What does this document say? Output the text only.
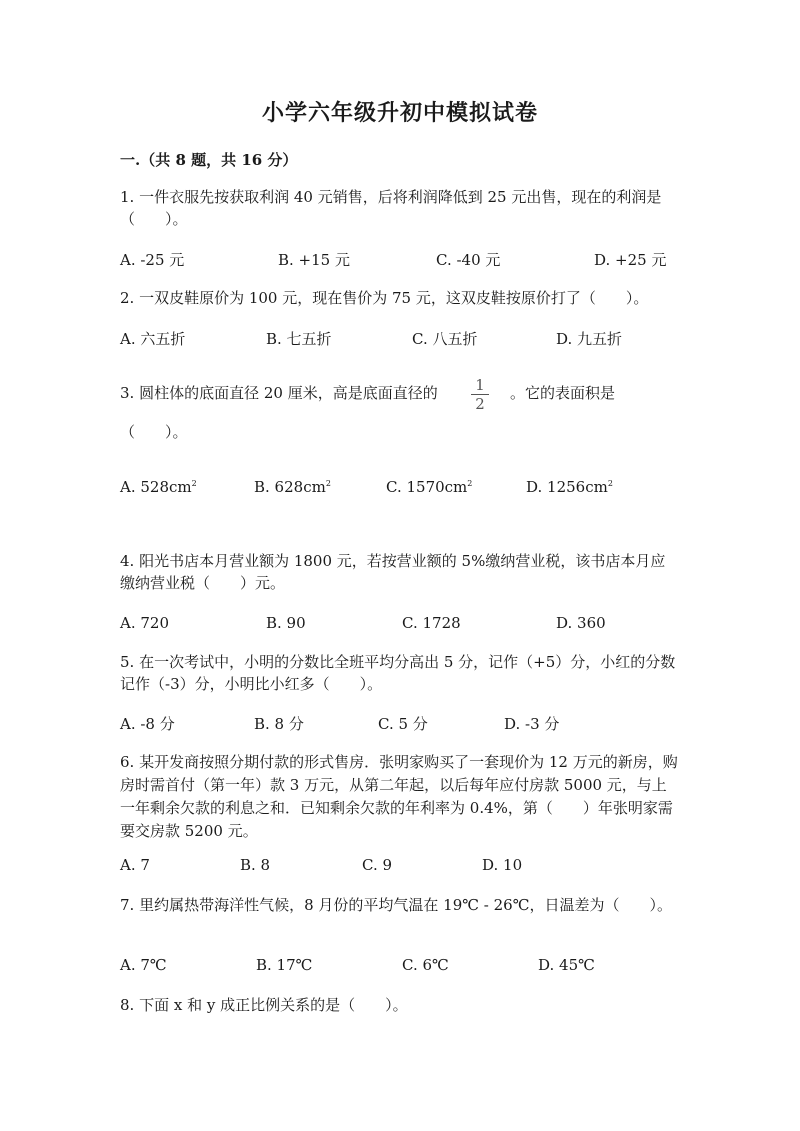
小学六年级升初中模拟试卷
一.（共 8 题，共 16 分）
1. 一件衣服先按获取利润 40 元销售，后将利润降低到 25 元出售，现在的利润是（　　）。
A. -25 元	B. +15 元	C. -40 元	D. +25 元
2. 一双皮鞋原价为 100 元，现在售价为 75 元，这双皮鞋按原价打了（　　）。
A. 六五折	B. 七五折	C. 八五折	D. 九五折
3. 圆柱体的底面直径 20 厘米，高是底面直径的	1
2
。它的表面积是
（　　）。
A. $528cm^2$	B. $628cm^2$	C. $1570cm^2$	D. $1256cm^2$
4. 阳光书店本月营业额为 1800 元，若按营业额的 5%缴纳营业税，该书店本月应缴纳营业税（　　）元。
A. 720	B. 90	C. 1728	D. 360
5. 在一次考试中，小明的分数比全班平均分高出 5 分，记作（+5）分，小红的分数记作（-3）分，小明比小红多（　　）。
A. -8 分	B. 8 分	C. 5 分	D. -3 分
6. 某开发商按照分期付款的形式售房．张明家购买了一套现价为 12 万元的新房，购房时需首付（第一年）款 3 万元，从第二年起，以后每年应付房款 5000 元，与上一年剩余欠款的利息之和．已知剩余欠款的年利率为 0.4%，第（　　）年张明家需要交房款 5200 元。
A. 7	B. 8	C. 9	D. 10
7. 里约属热带海洋性气候，8 月份的平均气温在 19℃ - 26℃，日温差为（　　）。
A. 7℃	B. 17℃	C. 6℃	D. 45℃
8. 下面 x 和 y 成正比例关系的是（　　）。
